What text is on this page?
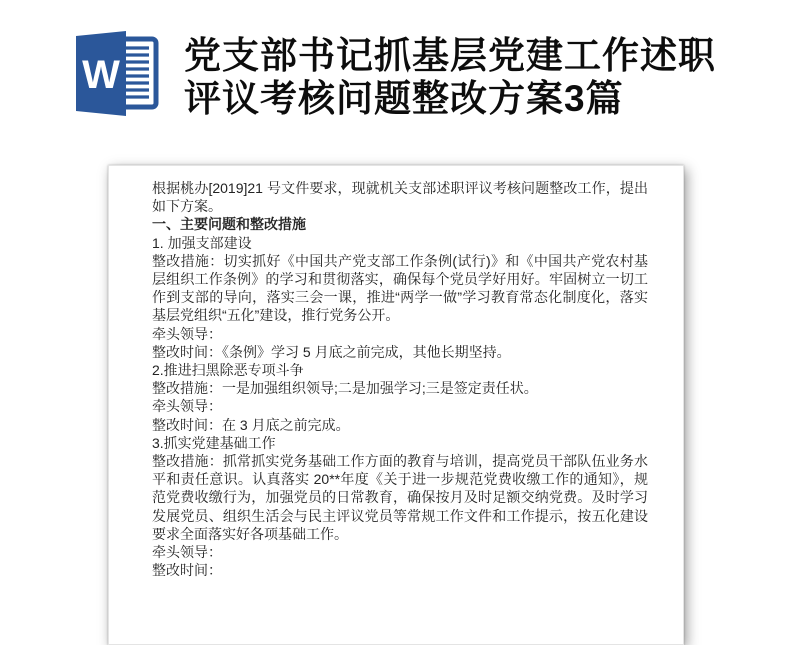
W 党支部书记抓基层党建工作述职
评议考核问题整改方案3篇

根据桃办[2019]21 号文件要求，现就机关支部述职评议考核问题整改工作，提出如下方案。

一、主要问题和整改措施

1. 加强支部建设

整改措施：切实抓好《中国共产党支部工作条例(试行)》和《中国共产党农村基层组织工作条例》的学习和贯彻落实，确保每个党员学好用好。牢固树立一切工作到支部的导向，落实三会一课，推进“两学一做”学习教育常态化制度化，落实基层党组织“五化”建设，推行党务公开。

牵头领导：

整改时间：《条例》学习 5 月底之前完成，其他长期坚持。

2.推进扫黑除恶专项斗争

整改措施：一是加强组织领导;二是加强学习;三是签定责任状。

牵头领导：

整改时间：在 3 月底之前完成。

3.抓实党建基础工作

整改措施：抓常抓实党务基础工作方面的教育与培训，提高党员干部队伍业务水平和责任意识。认真落实 20**年度《关于进一步规范党费收缴工作的通知》，规范党费收缴行为，加强党员的日常教育，确保按月及时足额交纳党费。及时学习发展党员、组织生活会与民主评议党员等常规工作文件和工作提示，按五化建设要求全面落实好各项基础工作。

牵头领导：

整改时间：
